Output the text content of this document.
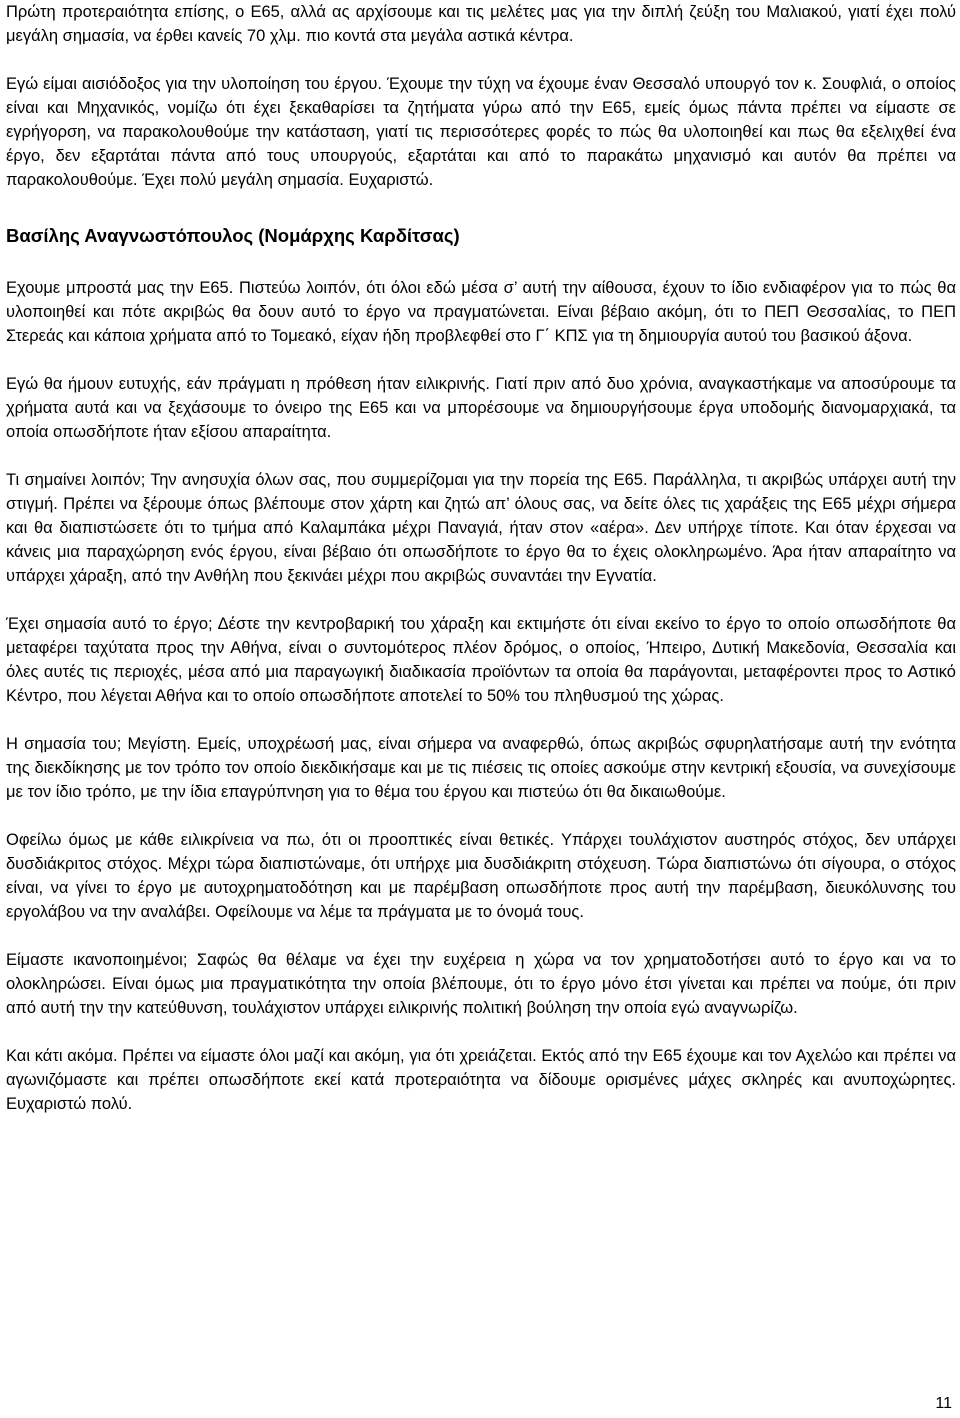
Πρώτη προτεραιότητα επίσης, ο Ε65, αλλά ας αρχίσουμε και τις μελέτες μας για την διπλή ζεύξη του Μαλιακού, γιατί έχει πολύ μεγάλη σημασία, να έρθει κανείς 70 χλμ. πιο κοντά στα μεγάλα αστικά κέντρα.

Εγώ είμαι αισιόδοξος για την υλοποίηση του έργου. Έχουμε την τύχη να έχουμε έναν Θεσσαλό υπουργό τον κ. Σουφλιά, ο οποίος είναι και Μηχανικός, νομίζω ότι έχει ξεκαθαρίσει τα ζητήματα γύρω από την Ε65, εμείς όμως πάντα πρέπει να είμαστε σε εγρήγορση, να παρακολουθούμε την κατάσταση, γιατί τις περισσότερες φορές το πώς θα υλοποιηθεί και πως θα εξελιχθεί ένα έργο, δεν εξαρτάται πάντα από τους υπουργούς, εξαρτάται και από το παρακάτω μηχανισμό και αυτόν θα πρέπει να παρακολουθούμε. Έχει πολύ μεγάλη σημασία. Ευχαριστώ.

Βασίλης Αναγνωστόπουλος (Νομάρχης Καρδίτσας)

Εχουμε μπροστά μας την Ε65. Πιστεύω λοιπόν, ότι όλοι εδώ μέσα σ’ αυτή την αίθουσα, έχουν το ίδιο ενδιαφέρον για το πώς θα υλοποιηθεί και πότε ακριβώς θα δουν αυτό το έργο να πραγματώνεται. Είναι βέβαιο ακόμη, ότι το ΠΕΠ Θεσσαλίας, το ΠΕΠ Στερεάς και κάποια χρήματα από το Τομεακό, είχαν ήδη προβλεφθεί στο Γ΄ ΚΠΣ για τη δημιουργία αυτού του βασικού άξονα.

Εγώ θα ήμουν ευτυχής, εάν πράγματι η πρόθεση ήταν ειλικρινής. Γιατί πριν από δυο χρόνια, αναγκαστήκαμε να αποσύρουμε τα χρήματα αυτά και να ξεχάσουμε το όνειρο της Ε65 και να μπορέσουμε να δημιουργήσουμε έργα υποδομής διανομαρχιακά, τα οποία οπωσδήποτε ήταν εξίσου απαραίτητα.

Τι σημαίνει λοιπόν; Την ανησυχία όλων σας, που συμμερίζομαι για την πορεία της Ε65. Παράλληλα, τι ακριβώς υπάρχει αυτή την στιγμή. Πρέπει να ξέρουμε όπως βλέπουμε στον χάρτη και ζητώ απ’ όλους σας, να δείτε όλες τις χαράξεις της Ε65 μέχρι σήμερα και θα διαπιστώσετε ότι το τμήμα από Καλαμπάκα μέχρι Παναγιά, ήταν στον «αέρα». Δεν υπήρχε τίποτε. Και όταν έρχεσαι να κάνεις μια παραχώρηση ενός έργου, είναι βέβαιο ότι οπωσδήποτε το έργο θα το έχεις ολοκληρωμένο. Άρα ήταν απαραίτητο να υπάρχει χάραξη, από την Ανθήλη που ξεκινάει μέχρι που ακριβώς συναντάει την Εγνατία.

Έχει σημασία αυτό το έργο; Δέστε την κεντροβαρική του χάραξη και εκτιμήστε ότι είναι εκείνο το έργο το οποίο οπωσδήποτε θα μεταφέρει ταχύτατα προς την Αθήνα, είναι ο συντομότερος πλέον δρόμος, ο οποίος, Ήπειρο, Δυτική Μακεδονία, Θεσσαλία και όλες αυτές τις περιοχές, μέσα από μια παραγωγική διαδικασία προϊόντων τα οποία θα παράγονται, μεταφέροντει προς το Αστικό Κέντρο, που λέγεται Αθήνα και το οποίο οπωσδήποτε αποτελεί το 50% του πληθυσμού της χώρας.

Η σημασία του; Μεγίστη. Εμείς, υποχρέωσή μας, είναι σήμερα να αναφερθώ, όπως ακριβώς σφυρηλατήσαμε αυτή την ενότητα της διεκδίκησης με τον τρόπο τον οποίο διεκδικήσαμε και με τις πιέσεις τις οποίες ασκούμε στην κεντρική εξουσία, να συνεχίσουμε με τον ίδιο τρόπο, με την ίδια επαγρύπνηση για το θέμα του έργου και πιστεύω ότι θα δικαιωθούμε.

Οφείλω όμως με κάθε ειλικρίνεια να πω, ότι οι προοπτικές είναι θετικές. Υπάρχει τουλάχιστον αυστηρός στόχος, δεν υπάρχει δυσδιάκριτος στόχος. Μέχρι τώρα διαπιστώναμε, ότι υπήρχε μια δυσδιάκριτη στόχευση. Τώρα διαπιστώνω ότι σίγουρα, ο στόχος είναι, να γίνει το έργο με αυτοχρηματοδότηση και με παρέμβαση οπωσδήποτε προς αυτή την παρέμβαση, διευκόλυνσης του εργολάβου να την αναλάβει. Οφείλουμε να λέμε τα πράγματα με το όνομά τους.

Είμαστε ικανοποιημένοι; Σαφώς θα θέλαμε να έχει την ευχέρεια η χώρα να τον χρηματοδοτήσει αυτό το έργο και να το ολοκληρώσει. Είναι όμως μια πραγματικότητα την οποία βλέπουμε, ότι το έργο μόνο έτσι γίνεται και πρέπει να πούμε, ότι πριν από αυτή την την κατεύθυνση, τουλάχιστον υπάρχει ειλικρινής πολιτική βούληση την οποία εγώ αναγνωρίζω.

Και κάτι ακόμα. Πρέπει να είμαστε όλοι μαζί και ακόμη, για ότι χρειάζεται. Εκτός από την Ε65 έχουμε και τον Αχελώο και πρέπει να αγωνιζόμαστε και πρέπει οπωσδήποτε εκεί κατά προτεραιότητα να δίδουμε ορισμένες μάχες σκληρές και ανυποχώρητες. Ευχαριστώ πολύ.

11
